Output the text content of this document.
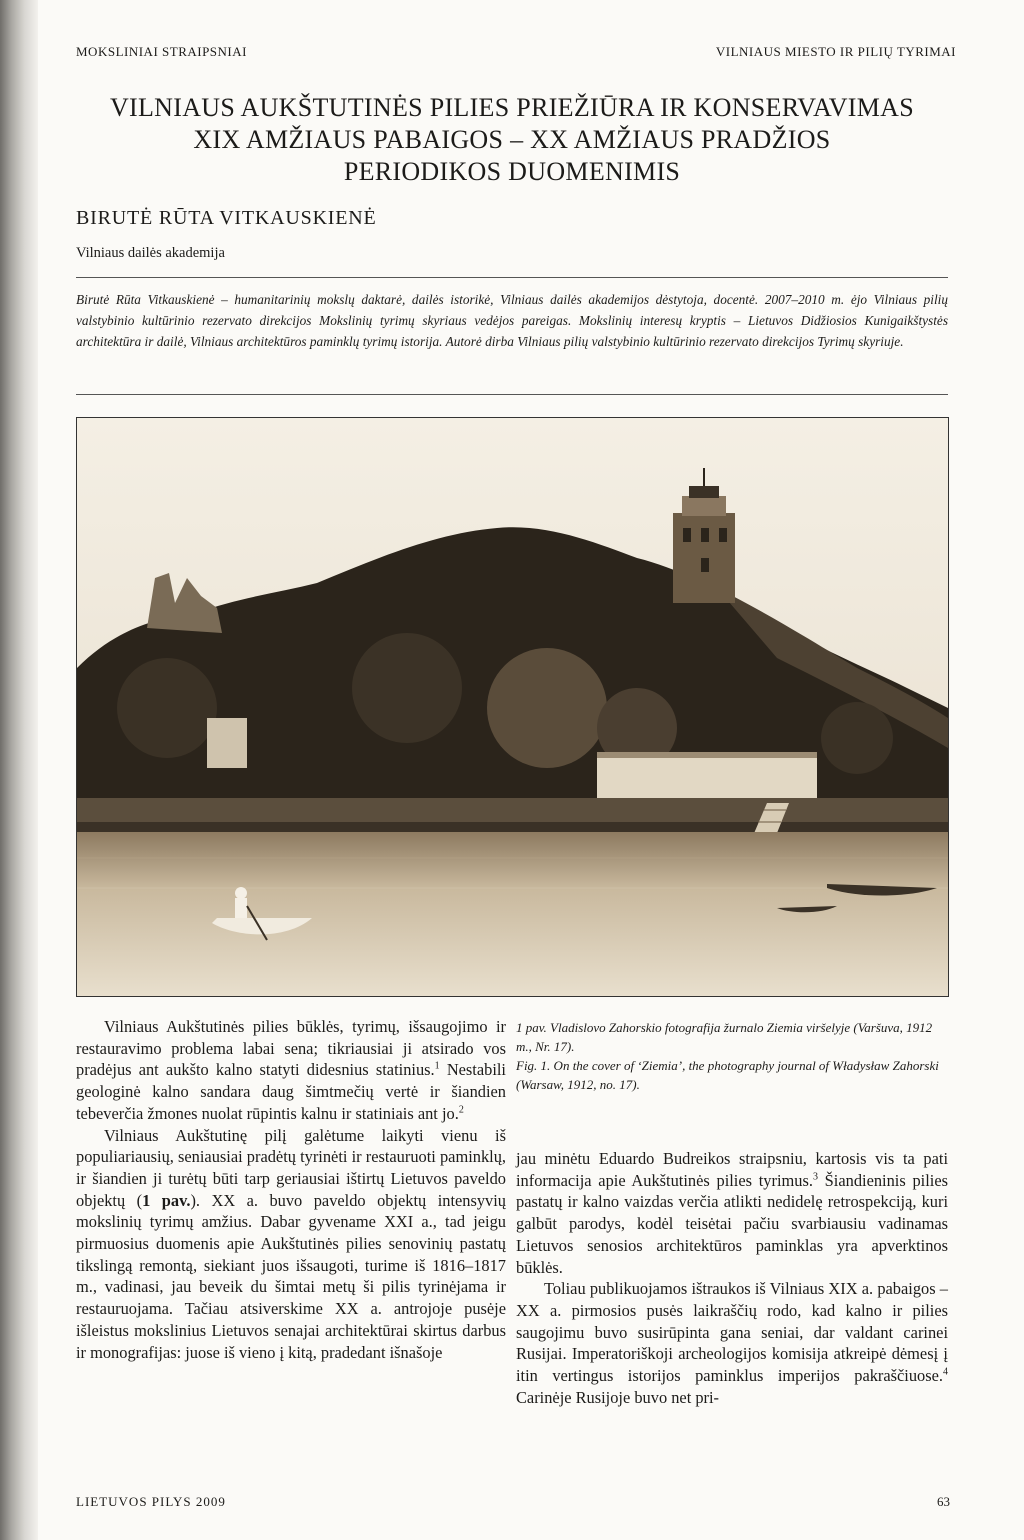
MOKSLINIAI STRAIPSNIAI	VILNIAUS MIESTO IR PILIŲ TYRIMAI
VILNIAUS AUKŠTUTINĖS PILIES PRIEŽIŪRA IR KONSERVAVIMAS
XIX AMŽIAUS PABAIGOS – XX AMŽIAUS PRADŽIOS
PERIODIKOS DUOMENIMIS
BIRUTĖ RŪTA VITKAUSKIENĖ
Vilniaus dailės akademija
Birutė Rūta Vitkauskienė – humanitarinių mokslų daktarė, dailės istorikė, Vilniaus dailės akademijos dėstytoja, docentė. 2007–2010 m. ėjo Vilniaus pilių valstybinio kultūrinio rezervato direkcijos Mokslinių tyrimų skyriaus vedėjos pareigas. Mokslinių interesų kryptis – Lietuvos Didžiosios Kunigaikštystės architektūra ir dailė, Vilniaus architektūros paminklų tyrimų istorija. Autorė dirba Vilniaus pilių valstybinio kultūrinio rezervato direkcijos Tyrimų skyriuje.

Vilniaus Aukštutinės pilies būklės, tyrimų, išsaugojimo ir restauravimo problema labai sena; tikriausiai ji atsirado vos pradėjus ant aukšto kalno statyti didesnius statinius.$^1$ Nestabili geologinė kalno sandara daug šimtmečių vertė ir šiandien tebeverčia žmones nuolat rūpintis kalnu ir statiniais ant jo.$^2$

Vilniaus Aukštutinę pilį galėtume laikyti vienu iš populiariausių, seniausiai pradėtų tyrinėti ir restauruoti paminklų, ir šiandien ji turėtų būti tarp geriausiai ištirtų Lietuvos paveldo objektų (1 pav.). XX a. buvo paveldo objektų intensyvių mokslinių tyrimų amžius. Dabar gyvename XXI a., tad jeigu pirmuosius duomenis apie Aukštutinės pilies senovinių pastatų tikslingą remontą, siekiant juos išsaugoti, turime iš 1816–1817 m., vadinasi, jau beveik du šimtai metų ši pilis tyrinėjama ir restauruojama. Tačiau atsiverskime XX a. antrojoje pusėje išleistus mokslinius Lietuvos senajai architektūrai skirtus darbus ir monografijas: juose iš vieno į kitą, pradedant išnašoje

1 pav. Vladislovo Zahorskio fotografija žurnalo Ziemia viršelyje (Varšuva, 1912 m., Nr. 17).

Fig. 1. On the cover of ‘Ziemia’, the photography journal of Władysław Zahorski (Warsaw, 1912, no. 17).

jau minėtu Eduardo Budreikos straipsniu, kartosis vis ta pati informacija apie Aukštutinės pilies tyrimus.$^3$ Šiandieninis pilies pastatų ir kalno vaizdas verčia atlikti nedidelę retrospekciją, kuri galbūt parodys, kodėl teisėtai pačiu svarbiausiu vadinamas Lietuvos senosios architektūros paminklas yra apverktinos būklės.

Toliau publikuojamos ištraukos iš Vilniaus XIX a. pabaigos – XX a. pirmosios pusės laikraščių rodo, kad kalno ir pilies saugojimu buvo susirūpinta gana seniai, dar valdant carinei Rusijai. Imperatoriškoji archeologijos komisija atkreipė dėmesį į itin vertingus istorijos paminklus imperijos pakraščiuose.$^4$ Carinėje Rusijoje buvo net pri-

LIETUVOS PILYS 2009	63
